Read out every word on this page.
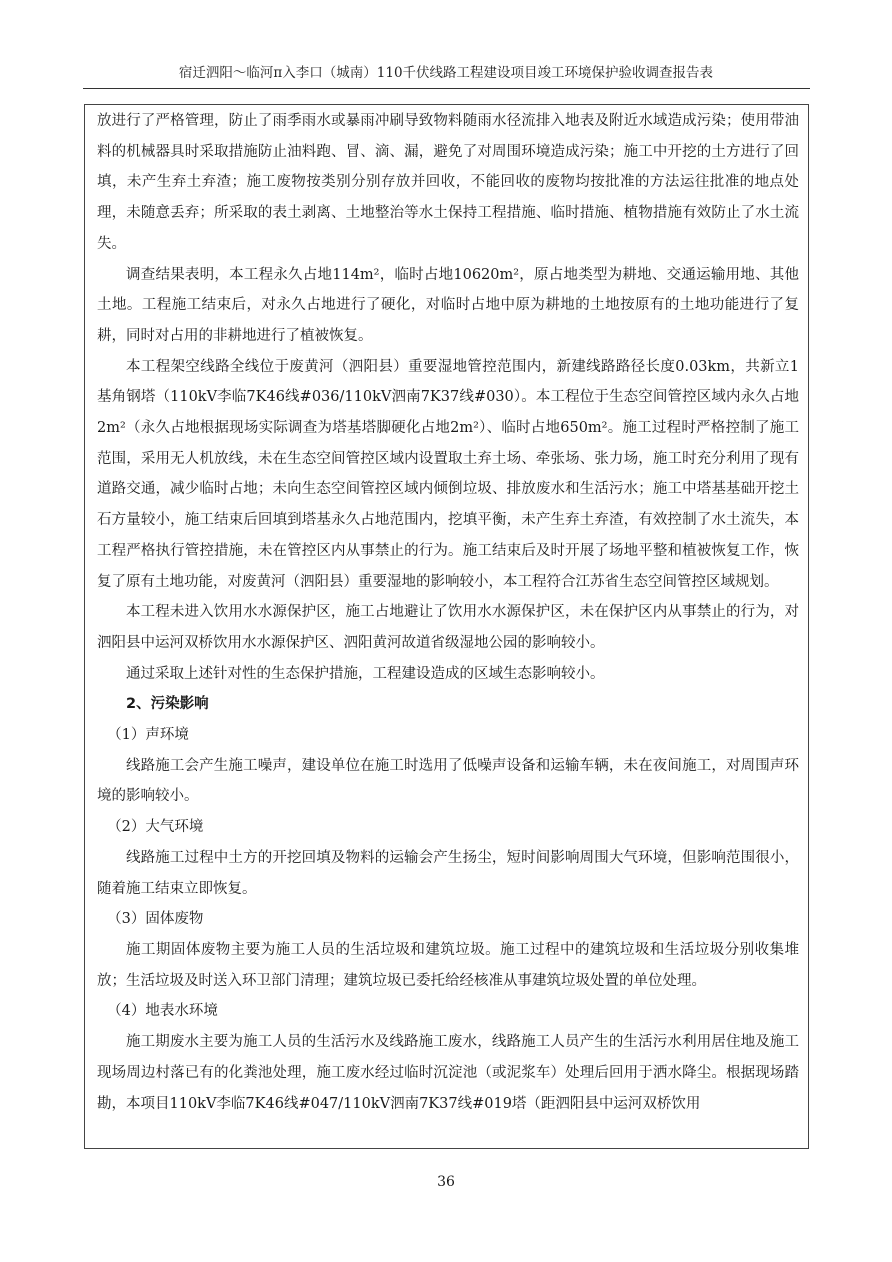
宿迁泗阳～临河π入李口（城南）110千伏线路工程建设项目竣工环境保护验收调查报告表

放进行了严格管理，防止了雨季雨水或暴雨冲刷导致物料随雨水径流排入地表及附近水域造成污染；使用带油料的机械器具时采取措施防止油料跑、冒、滴、漏，避免了对周围环境造成污染；施工中开挖的土方进行了回填，未产生弃土弃渣；施工废物按类别分别存放并回收，不能回收的废物均按批准的方法运往批准的地点处理，未随意丢弃；所采取的表土剥离、土地整治等水土保持工程措施、临时措施、植物措施有效防止了水土流失。

调查结果表明，本工程永久占地114m²，临时占地10620m²，原占地类型为耕地、交通运输用地、其他土地。工程施工结束后，对永久占地进行了硬化，对临时占地中原为耕地的土地按原有的土地功能进行了复耕，同时对占用的非耕地进行了植被恢复。

本工程架空线路全线位于废黄河（泗阳县）重要湿地管控范围内，新建线路路径长度0.03km，共新立1基角钢塔（110kV李临7K46线#036/110kV泗南7K37线#030）。本工程位于生态空间管控区域内永久占地2m²（永久占地根据现场实际调查为塔基塔脚硬化占地2m²）、临时占地650m²。施工过程时严格控制了施工范围，采用无人机放线，未在生态空间管控区域内设置取土弃土场、牵张场、张力场，施工时充分利用了现有道路交通，减少临时占地；未向生态空间管控区域内倾倒垃圾、排放废水和生活污水；施工中塔基基础开挖土石方量较小，施工结束后回填到塔基永久占地范围内，挖填平衡，未产生弃土弃渣，有效控制了水土流失，本工程严格执行管控措施，未在管控区内从事禁止的行为。施工结束后及时开展了场地平整和植被恢复工作，恢复了原有土地功能，对废黄河（泗阳县）重要湿地的影响较小，本工程符合江苏省生态空间管控区域规划。

本工程未进入饮用水水源保护区，施工占地避让了饮用水水源保护区，未在保护区内从事禁止的行为，对泗阳县中运河双桥饮用水水源保护区、泗阳黄河故道省级湿地公园的影响较小。

通过采取上述针对性的生态保护措施，工程建设造成的区域生态影响较小。

2、污染影响

（1）声环境

线路施工会产生施工噪声，建设单位在施工时选用了低噪声设备和运输车辆，未在夜间施工，对周围声环境的影响较小。

（2）大气环境

线路施工过程中土方的开挖回填及物料的运输会产生扬尘，短时间影响周围大气环境，但影响范围很小，随着施工结束立即恢复。

（3）固体废物

施工期固体废物主要为施工人员的生活垃圾和建筑垃圾。施工过程中的建筑垃圾和生活垃圾分别收集堆放；生活垃圾及时送入环卫部门清理；建筑垃圾已委托给经核准从事建筑垃圾处置的单位处理。

（4）地表水环境

施工期废水主要为施工人员的生活污水及线路施工废水，线路施工人员产生的生活污水利用居住地及施工现场周边村落已有的化粪池处理，施工废水经过临时沉淀池（或泥浆车）处理后回用于洒水降尘。根据现场踏勘，本项目110kV李临7K46线#047/110kV泗南7K37线#019塔（距泗阳县中运河双桥饮用

36
